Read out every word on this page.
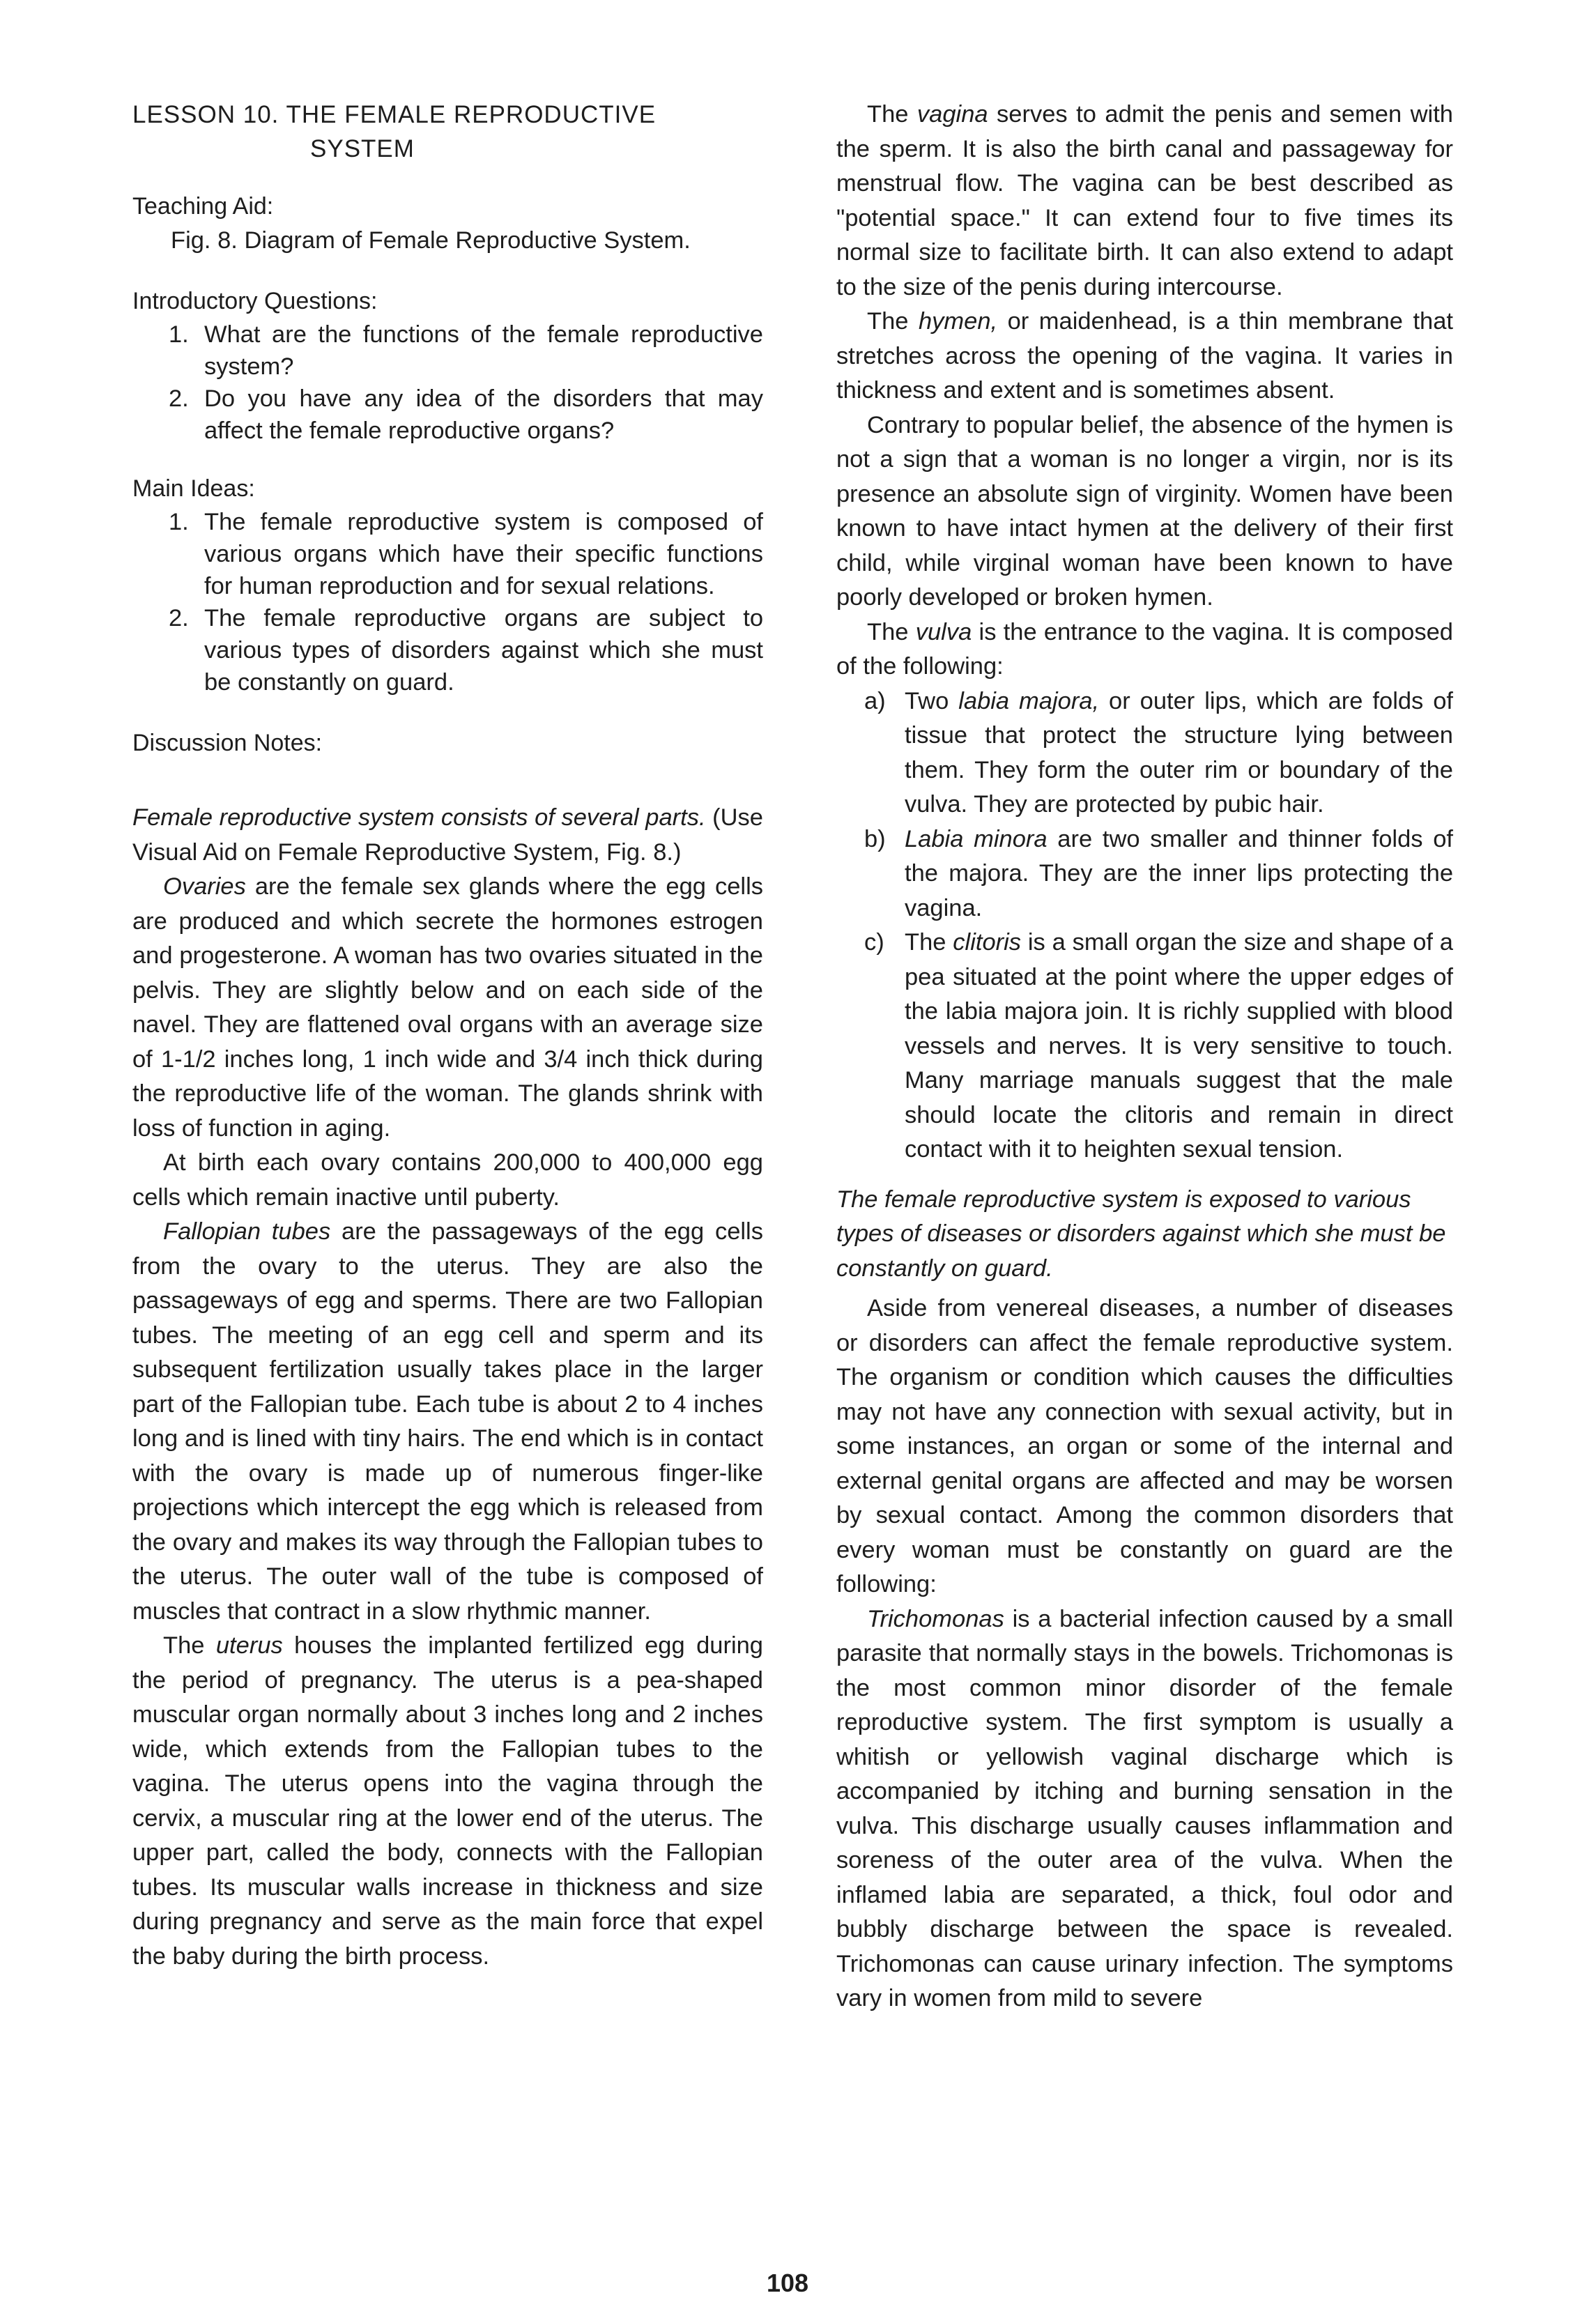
LESSON 10. THE FEMALE REPRODUCTIVE
SYSTEM
Teaching Aid:
Fig. 8. Diagram of Female Reproductive System.
Introductory Questions:
1. What are the functions of the female reproductive system?
2. Do you have any idea of the disorders that may affect the female reproductive organs?
Main Ideas:
1. The female reproductive system is composed of various organs which have their specific functions for human reproduction and for sexual relations.
2. The female reproductive organs are subject to various types of disorders against which she must be constantly on guard.
Discussion Notes:

Female reproductive system consists of several parts. (Use Visual Aid on Female Reproductive System, Fig. 8.)

Ovaries are the female sex glands where the egg cells are produced and which secrete the hormones estrogen and progesterone. A woman has two ovaries situated in the pelvis. They are slightly below and on each side of the navel. They are flattened oval organs with an average size of 1-1/2 inches long, 1 inch wide and 3/4 inch thick during the reproductive life of the woman. The glands shrink with loss of function in aging.

At birth each ovary contains 200,000 to 400,000 egg cells which remain inactive until puberty.

Fallopian tubes are the passageways of the egg cells from the ovary to the uterus. They are also the passageways of egg and sperms. There are two Fallopian tubes. The meeting of an egg cell and sperm and its subsequent fertilization usually takes place in the larger part of the Fallopian tube. Each tube is about 2 to 4 inches long and is lined with tiny hairs. The end which is in contact with the ovary is made up of numerous finger-like projections which intercept the egg which is released from the ovary and makes its way through the Fallopian tubes to the uterus. The outer wall of the tube is composed of muscles that contract in a slow rhythmic manner.

The uterus houses the implanted fertilized egg during the period of pregnancy. The uterus is a pea-shaped muscular organ normally about 3 inches long and 2 inches wide, which extends from the Fallopian tubes to the vagina. The uterus opens into the vagina through the cervix, a muscular ring at the lower end of the uterus. The upper part, called the body, connects with the Fallopian tubes. Its muscular walls increase in thickness and size during pregnancy and serve as the main force that expel the baby during the birth process.

The vagina serves to admit the penis and semen with the sperm. It is also the birth canal and passageway for menstrual flow. The vagina can be best described as "potential space." It can extend four to five times its normal size to facilitate birth. It can also extend to adapt to the size of the penis during intercourse.

The hymen, or maidenhead, is a thin membrane that stretches across the opening of the vagina. It varies in thickness and extent and is sometimes absent.

Contrary to popular belief, the absence of the hymen is not a sign that a woman is no longer a virgin, nor is its presence an absolute sign of virginity. Women have been known to have intact hymen at the delivery of their first child, while virginal woman have been known to have poorly developed or broken hymen.

The vulva is the entrance to the vagina. It is composed of the following:

a) Two labia majora, or outer lips, which are folds of tissue that protect the structure lying between them. They form the outer rim or boundary of the vulva. They are protected by pubic hair.
b) Labia minora are two smaller and thinner folds of the majora. They are the inner lips protecting the vagina.
c) The clitoris is a small organ the size and shape of a pea situated at the point where the upper edges of the labia majora join. It is richly supplied with blood vessels and nerves. It is very sensitive to touch. Many marriage manuals suggest that the male should locate the clitoris and remain in direct contact with it to heighten sexual tension.

The female reproductive system is exposed to various types of diseases or disorders against which she must be constantly on guard.

Aside from venereal diseases, a number of diseases or disorders can affect the female reproductive system. The organism or condition which causes the difficulties may not have any connection with sexual activity, but in some instances, an organ or some of the internal and external genital organs are affected and may be worsen by sexual contact. Among the common disorders that every woman must be constantly on guard are the following:

Trichomonas is a bacterial infection caused by a small parasite that normally stays in the bowels. Trichomonas is the most common minor disorder of the female reproductive system. The first symptom is usually a whitish or yellowish vaginal discharge which is accompanied by itching and burning sensation in the vulva. This discharge usually causes inflammation and soreness of the outer area of the vulva. When the inflamed labia are separated, a thick, foul odor and bubbly discharge between the space is revealed. Trichomonas can cause urinary infection. The symptoms vary in women from mild to severe

108
